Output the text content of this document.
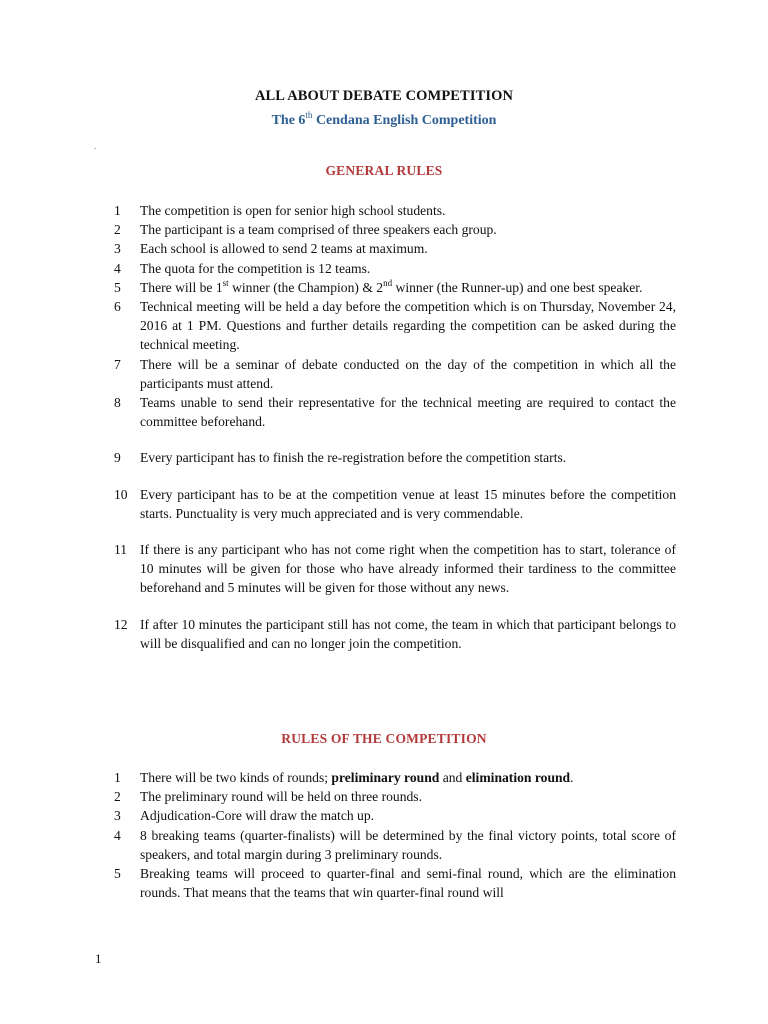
ALL ABOUT DEBATE COMPETITION
The 6th Cendana English Competition
.
GENERAL RULES
1	The competition is open for senior high school students.
2	The participant is a team comprised of three speakers each group.
3	Each school is allowed to send 2 teams at maximum.
4	The quota for the competition is 12 teams.
5	There will be 1st winner (the Champion) & 2nd winner (the Runner-up) and one best speaker.
6	Technical meeting will be held a day before the competition which is on Thursday, November 24, 2016 at 1 PM. Questions and further details regarding the competition can be asked during the technical meeting.
7	There will be a seminar of debate conducted on the day of the competition in which all the participants must attend.
8	Teams unable to send their representative for the technical meeting are required to contact the committee beforehand.
9	Every participant has to finish the re-registration before the competition starts.
10 Every participant has to be at the competition venue at least 15 minutes before the competition starts. Punctuality is very much appreciated and is very commendable.
11 If there is any participant who has not come right when the competition has to start, tolerance of 10 minutes will be given for those who have already informed their tardiness to the committee beforehand and 5 minutes will be given for those without any news.
12 If after 10 minutes the participant still has not come, the team in which that participant belongs to will be disqualified and can no longer join the competition.
RULES OF THE COMPETITION
1	There will be two kinds of rounds; preliminary round and elimination round.
2	The preliminary round will be held on three rounds.
3	Adjudication-Core will draw the match up.
4	8 breaking teams (quarter-finalists) will be determined by the final victory points, total score of speakers, and total margin during 3 preliminary rounds.
5	Breaking teams will proceed to quarter-final and semi-final round, which are the elimination rounds. That means that the teams that win quarter-final round will
1
